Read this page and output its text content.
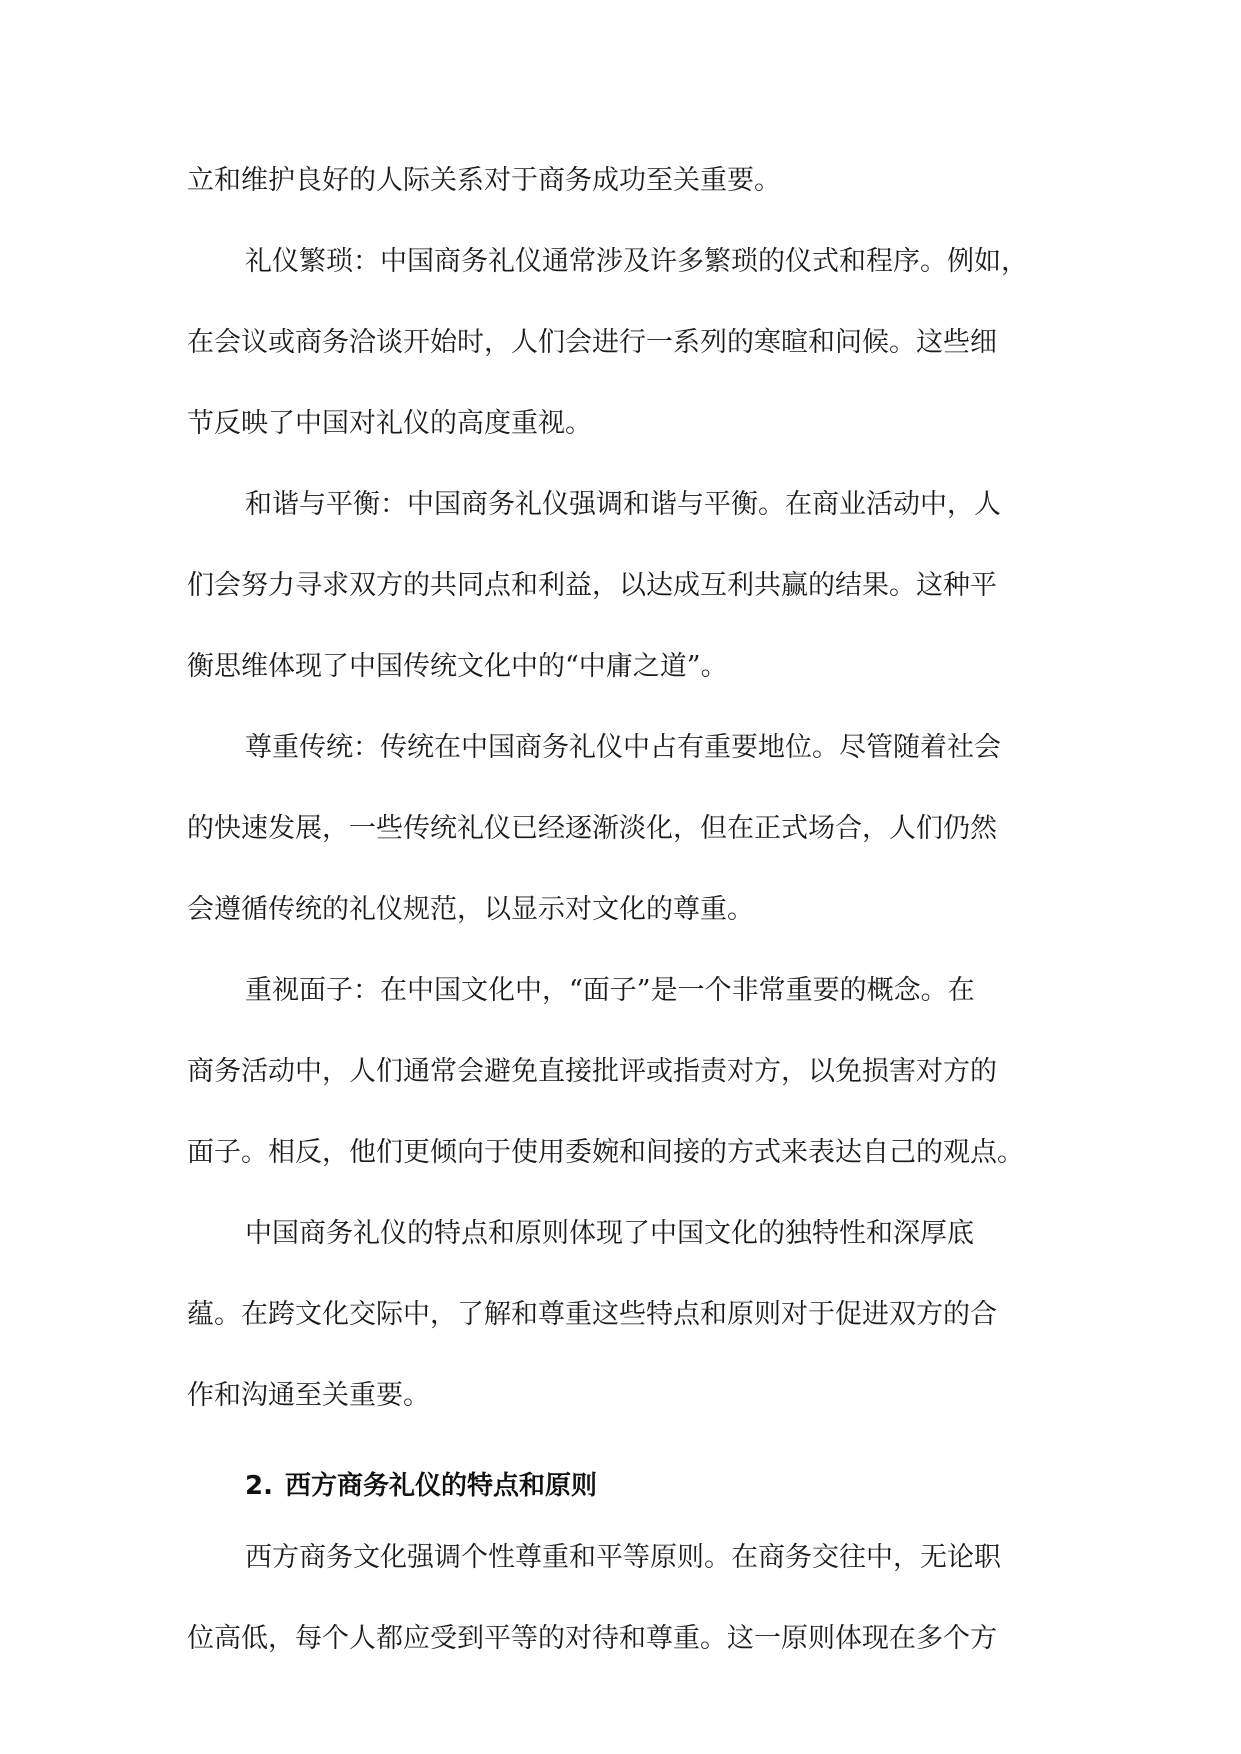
立和维护良好的人际关系对于商务成功至关重要。

礼仪繁琐：中国商务礼仪通常涉及许多繁琐的仪式和程序。例如，
在会议或商务洽谈开始时，人们会进行一系列的寒暄和问候。这些细
节反映了中国对礼仪的高度重视。

和谐与平衡：中国商务礼仪强调和谐与平衡。在商业活动中，人
们会努力寻求双方的共同点和利益，以达成互利共赢的结果。这种平
衡思维体现了中国传统文化中的“中庸之道”。

尊重传统：传统在中国商务礼仪中占有重要地位。尽管随着社会
的快速发展，一些传统礼仪已经逐渐淡化，但在正式场合，人们仍然
会遵循传统的礼仪规范，以显示对文化的尊重。

重视面子：在中国文化中，“面子”是一个非常重要的概念。在
商务活动中，人们通常会避免直接批评或指责对方，以免损害对方的
面子。相反，他们更倾向于使用委婉和间接的方式来表达自己的观点。

中国商务礼仪的特点和原则体现了中国文化的独特性和深厚底
蕴。在跨文化交际中，了解和尊重这些特点和原则对于促进双方的合
作和沟通至关重要。

2. 西方商务礼仪的特点和原则

西方商务文化强调个性尊重和平等原则。在商务交往中，无论职
位高低，每个人都应受到平等的对待和尊重。这一原则体现在多个方
